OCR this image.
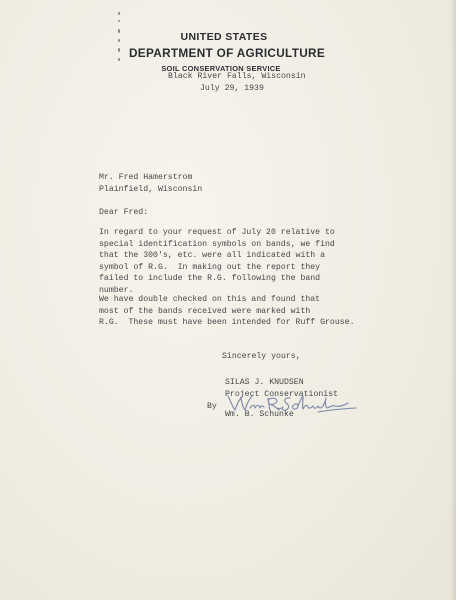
UNITED STATES
DEPARTMENT OF AGRICULTURE
SOIL CONSERVATION SERVICE
Black River Falls, Wisconsin
July 29, 1939
Mr. Fred Hamerstrom
Plainfield, Wisconsin
Dear Fred:
In regard to your request of July 20 relative to
special identification symbols on bands, we find
that the 300's, etc. were all indicated with a
symbol of R.G.  In making out the report they
failed to include the R.G. following the band
number.
We have double checked on this and found that
most of the bands received were marked with
R.G.  These must have been intended for Ruff Grouse.
Sincerely yours,
SILAS J. KNUDSEN
Project Conservationist
By
Wm. B. Schunke
